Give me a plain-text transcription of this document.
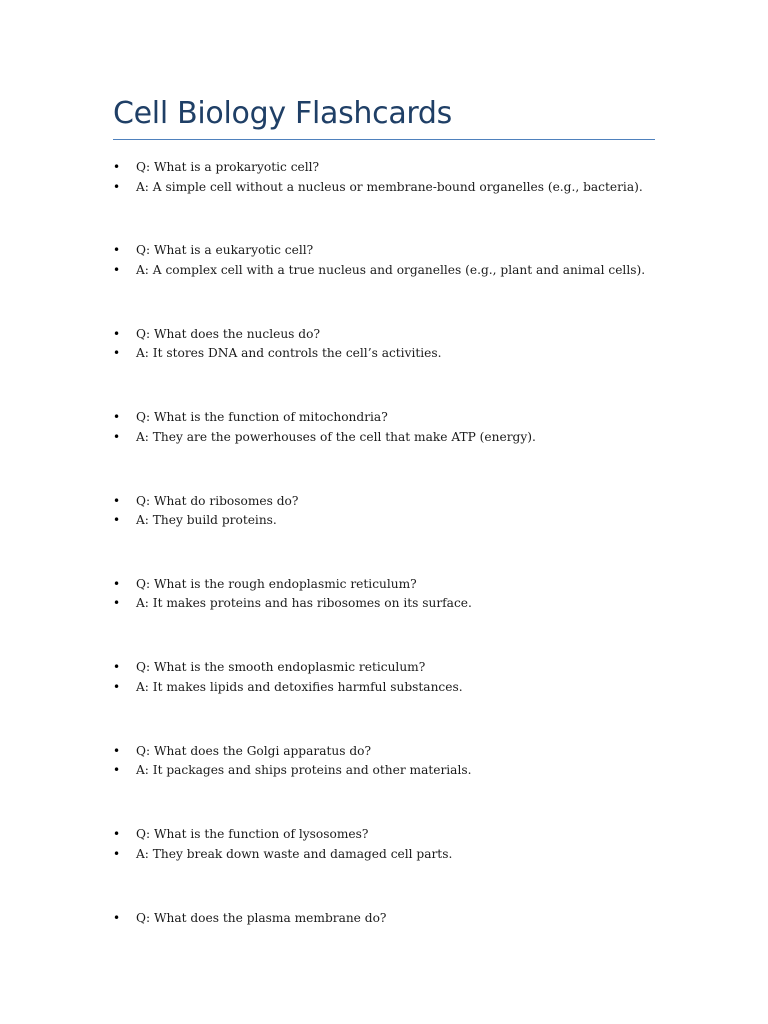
Cell Biology Flashcards
• Q: What is a prokaryotic cell?
• A: A simple cell without a nucleus or membrane-bound organelles (e.g., bacteria).
• Q: What is a eukaryotic cell?
• A: A complex cell with a true nucleus and organelles (e.g., plant and animal cells).
• Q: What does the nucleus do?
• A: It stores DNA and controls the cell’s activities.
• Q: What is the function of mitochondria?
• A: They are the powerhouses of the cell that make ATP (energy).
• Q: What do ribosomes do?
• A: They build proteins.
• Q: What is the rough endoplasmic reticulum?
• A: It makes proteins and has ribosomes on its surface.
• Q: What is the smooth endoplasmic reticulum?
• A: It makes lipids and detoxifies harmful substances.
• Q: What does the Golgi apparatus do?
• A: It packages and ships proteins and other materials.
• Q: What is the function of lysosomes?
• A: They break down waste and damaged cell parts.
• Q: What does the plasma membrane do?
